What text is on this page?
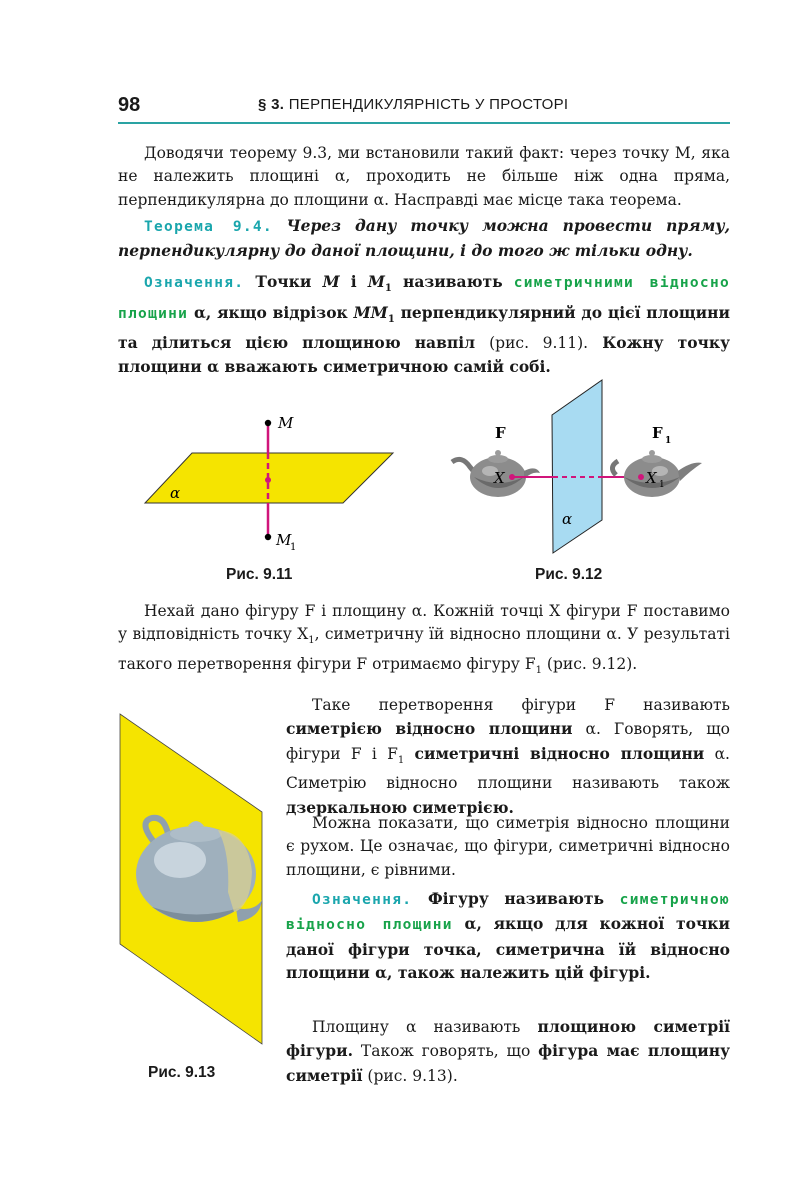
98	§ 3. ПЕРПЕНДИКУЛЯРНІСТЬ У ПРОСТОРІ

Доводячи теорему 9.3, ми встановили такий факт: через точку M, яка не належить площині α, проходить не більше ніж одна пряма, перпендикулярна до площини α. Насправді має місце така теорема.

Теорема 9.4. Через дану точку можна провести пряму, перпендикулярну до даної площини, і до того ж тільки одну.

Означення. Точки M і $M_1$ називають симетричними відносно площини α, якщо відрізок $MM_1$ перпендикулярний до цієї площини та ділиться цією площиною навпіл (рис. 9.11). Кожну точку площини α вважають симетричною самій собі.

M
M
1
α
Рис. 9.11
F	F 1
X	X 1
α
Рис. 9.12

Нехай дано фігуру F і площину α. Кожній точці X фігури F поставимо у відповідність точку $X_1$, симетричну їй відносно площини α. У результаті такого перетворення фігури F отримаємо фігуру $F_1$ (рис. 9.12).

Рис. 9.13

Таке перетворення фігури F називають симетрією відносно площини α. Говорять, що фігури F і $F_1$ симетричні відносно площини α. Симетрію відносно площини називають також дзеркальною симетрією.

Можна показати, що симетрія відносно площини є рухом. Це означає, що фігури, симетричні відносно площини, є рівними.

Означення. Фігуру називають симетричною відносно площини α, якщо для кожної точки даної фігури точка, симетрична їй відносно площини α, також належить цій фігурі.

Площину α називають площиною симетрії фігури. Також говорять, що фігура має площину симетрії (рис. 9.13).
